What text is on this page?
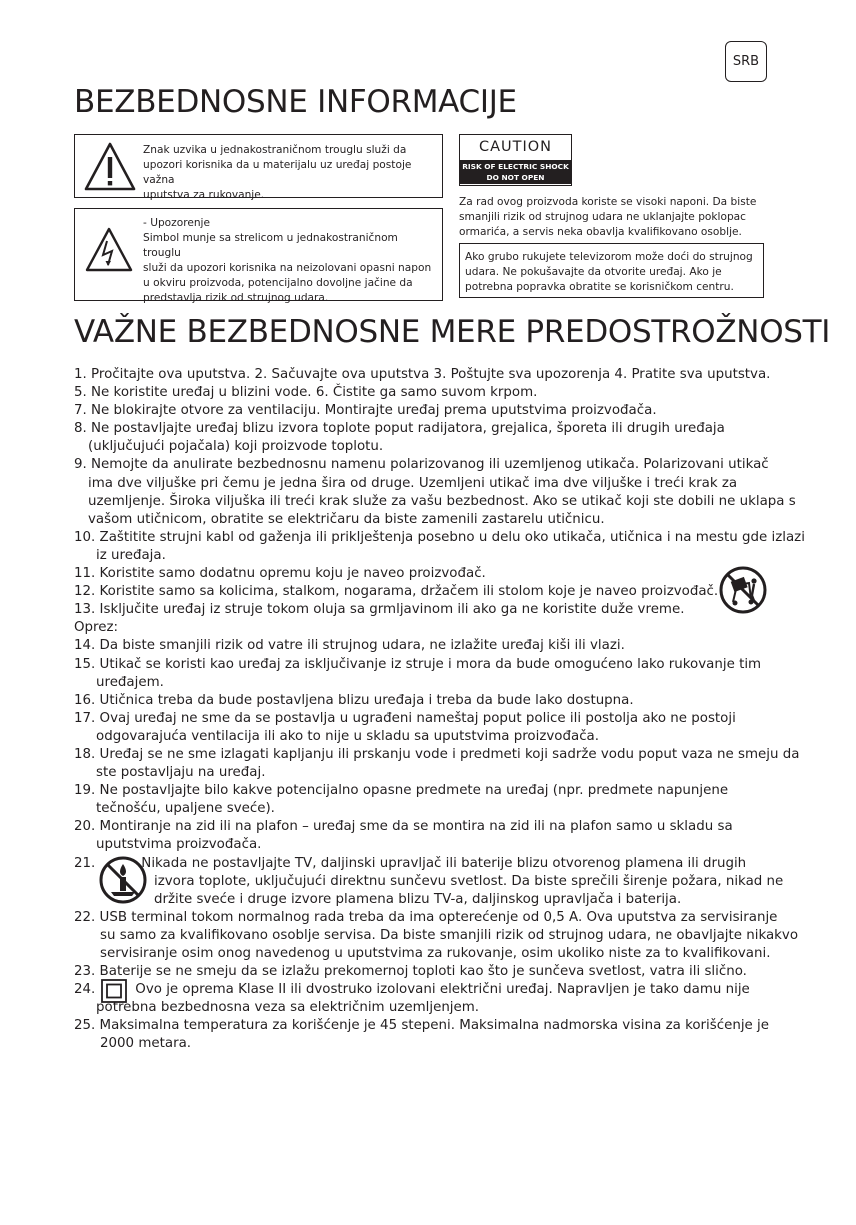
SRB
BEZBEDNOSNE INFORMACIJE
Znak uzvika u jednakostraničnom trouglu služi da
upozori korisnika da u materijalu uz uređaj postoje važna
uputstva za rukovanje.
- Upozorenje
Simbol munje sa strelicom u jednakostraničnom trouglu
služi da upozori korisnika na neizolovani opasni napon
u okviru proizvoda, potencijalno dovoljne jačine da
predstavlja rizik od strujnog udara.
CAUTION
RISK OF ELECTRIC SHOCK
DO NOT OPEN
Za rad ovog proizvoda koriste se visoki naponi. Da biste
smanjili rizik od strujnog udara ne uklanjajte poklopac
ormarića, a servis neka obavlja kvalifikovano osoblje.
Ako grubo rukujete televizorom može doći do strujnog
udara. Ne pokušavajte da otvorite uređaj. Ako je
potrebna popravka obratite se korisničkom centru.
VAŽNE BEZBEDNOSNE MERE PREDOSTROŽNOSTI
1. Pročitajte ova uputstva. 2. Sačuvajte ova uputstva 3. Poštujte sva upozorenja 4. Pratite sva uputstva.
5. Ne koristite uređaj u blizini vode. 6. Čistite ga samo suvom krpom.
7. Ne blokirajte otvore za ventilaciju. Montirajte uređaj prema uputstvima proizvođača.
8. Ne postavljajte uređaj blizu izvora toplote poput radijatora, grejalica, šporeta ili drugih uređaja
(uključujući pojačala) koji proizvode toplotu.
9. Nemojte da anulirate bezbednosnu namenu polarizovanog ili uzemljenog utikača. Polarizovani utikač
ima dve viljuške pri čemu je jedna šira od druge. Uzemljeni utikač ima dve viljuške i treći krak za
uzemljenje. Široka viljuška ili treći krak služe za vašu bezbednost. Ako se utikač koji ste dobili ne uklapa s
vašom utičnicom, obratite se električaru da biste zamenili zastarelu utičnicu.
10. Zaštitite strujni kabl od gaženja ili priklještenja posebno u delu oko utikača, utičnica i na mestu gde izlazi
iz uređaja.
11. Koristite samo dodatnu opremu koju je naveo proizvođač.
12. Koristite samo sa kolicima, stalkom, nogarama, držačem ili stolom koje je naveo proizvođač.
13. Isključite uređaj iz struje tokom oluja sa grmljavinom ili ako ga ne koristite duže vreme.
Oprez:
14. Da biste smanjili rizik od vatre ili strujnog udara, ne izlažite uređaj kiši ili vlazi.
15. Utikač se koristi kao uređaj za isključivanje iz struje i mora da bude omogućeno lako rukovanje tim
uređajem.
16. Utičnica treba da bude postavljena blizu uređaja i treba da bude lako dostupna.
17. Ovaj uređaj ne sme da se postavlja u ugrađeni nameštaj poput police ili postolja ako ne postoji
odgovarajuća ventilacija ili ako to nije u skladu sa uputstvima proizvođača.
18. Uređaj se ne sme izlagati kapljanju ili prskanju vode i predmeti koji sadrže vodu poput vaza ne smeju da
ste postavljaju na uređaj.
19. Ne postavljajte bilo kakve potencijalno opasne predmete na uređaj (npr. predmete napunjene
tečnošću, upaljene sveće).
20. Montiranje na zid ili na plafon – uređaj sme da se montira na zid ili na plafon samo u skladu sa
uputstvima proizvođača.
21.	Nikada ne postavljajte TV, daljinski upravljač ili baterije blizu otvorenog plamena ili drugih
izvora toplote, uključujući direktnu sunčevu svetlost. Da biste sprečili širenje požara, nikad ne
držite sveće i druge izvore plamena blizu TV-a, daljinskog upravljača i baterija.
22. USB terminal tokom normalnog rada treba da ima opterećenje od 0,5 A. Ova uputstva za servisiranje
su samo za kvalifikovano osoblje servisa. Da biste smanjili rizik od strujnog udara, ne obavljajte nikakvo
servisiranje osim onog navedenog u uputstvima za rukovanje, osim ukoliko niste za to kvalifikovani.
23. Baterije se ne smeju da se izlažu prekomernoj toploti kao što je sunčeva svetlost, vatra ili slično.
24.	Ovo je oprema Klase II ili dvostruko izolovani električni uređaj. Napravljen je tako damu nije
potrebna bezbednosna veza sa električnim uzemljenjem.
25. Maksimalna temperatura za korišćenje je 45 stepeni. Maksimalna nadmorska visina za korišćenje je
2000 metara.
